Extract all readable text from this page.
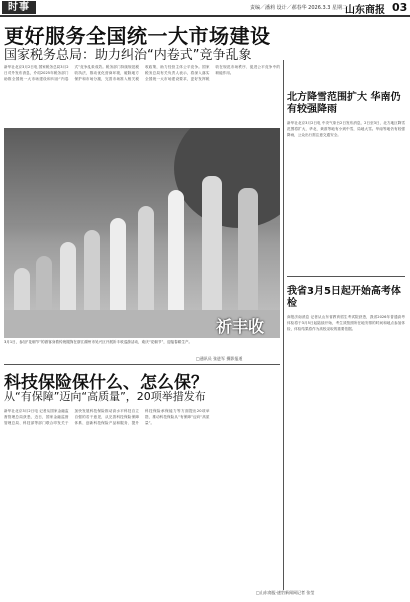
时事	责编／潘莉 设计／郝春华 2026.3.3 星期二
山东商报 03
更好服务全国统一大市场建设
国家税务总局：助力纠治“内卷式”竞争乱象
新华社北京3月2日电 国家税务总局3月2日对外发布消息，介绍2025年税务部门助推全国统一大市场建设和纠治“内卷式”竞争乱象成效。税务部门持续规范税收执法，推动优化营商环境，破除地方保护和市场分割，完善市场准入相关税收政策，助力经营主体公平竞争。国家税务总局有关负责人表示，将深入落实全国统一大市场建设要求，更好发挥税收在规范市场秩序、促进公平竞争中的职能作用。
祈丰收
3月1日，参加“花朝节”的游客身着传统服饰在浙江湖州市吴兴区开展祈丰收巡游活动，欢庆“花朝节”，迎接春耕生产。
□通讯员 张进军 摄影报道
科技保险保什么、怎么保？
从“有保障”迈向“高质量”，20项举措发布
新华社北京3月2日电 记者从国家金融监督管理总局获悉，近日，国家金融监督管理总局、科技部等部门联合印发关于加快发展科技保险推动高水平科技自立自强的若干意见，从完善科技保险保障体系、创新科技保险产品和服务、提升科技保险承保能力等方面提出20项举措，推动科技保险从“有保障”迈向“高质量”。
北方降雪范围扩大 华南仍有较强降雨
新华社北京3月2日电 中央气象台2日发布消息，2日至3日，北方地区降雪范围将扩大，华北、黄淮等地有小到中雪，局地大雪。华南等地仍有较强降雨，公众出行需注意交通安全。
我省3月5日起开始高考体检
商报济南消息 记者从山东省教育招生考试院获悉，我省2026年普通高考体检将于3月5日起陆续开始，考生须按照所在地安排的时间和地点参加体检，体检结果将作为高校录取的重要依据。
□山东商报·速豹新闻网记者 张莹
